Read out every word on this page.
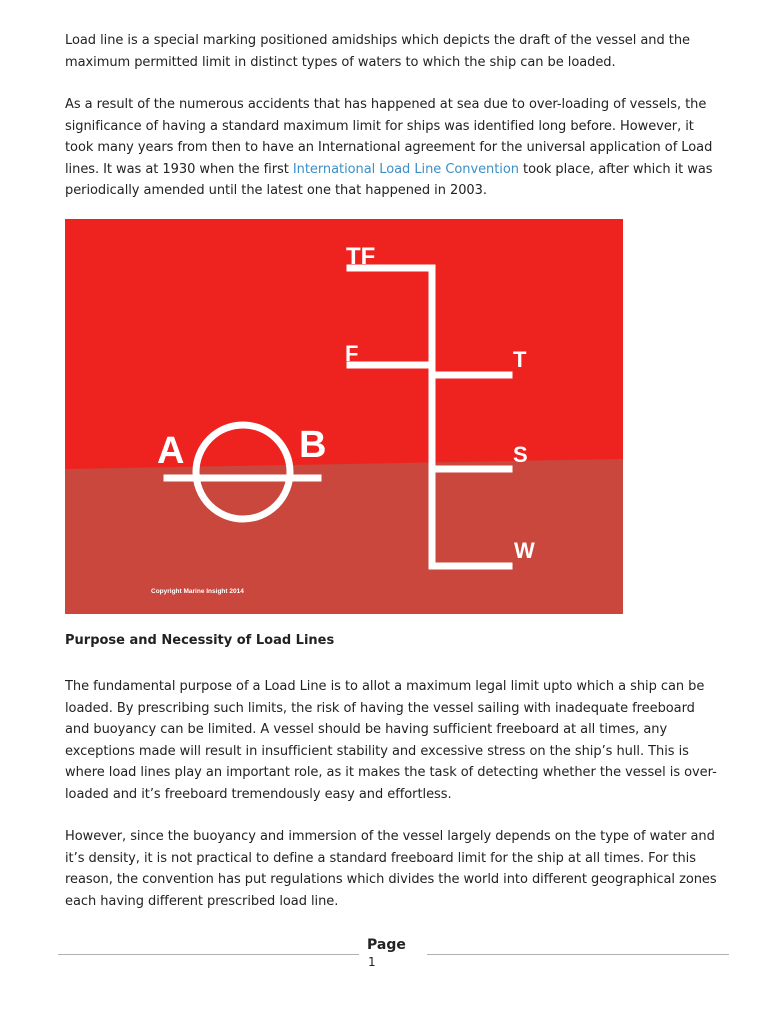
Load line is a special marking positioned amidships which depicts the draft of the vessel and the maximum permitted limit in distinct types of waters to which the ship can be loaded.

As a result of the numerous accidents that has happened at sea due to over-loading of vessels, the significance of having a standard maximum limit for ships was identified long before. However, it took many years from then to have an International agreement for the universal application of Load lines. It was at 1930 when the first International Load Line Convention took place, after which it was periodically amended until the latest one that happened in 2003.

TF
F	T
S
W
A	B
Copyright Marine Insight 2014

Purpose and Necessity of Load Lines

The fundamental purpose of a Load Line is to allot a maximum legal limit upto which a ship can be loaded. By prescribing such limits, the risk of having the vessel sailing with inadequate freeboard and buoyancy can be limited. A vessel should be having sufficient freeboard at all times, any exceptions made will result in insufficient stability and excessive stress on the ship’s hull. This is where load lines play an important role, as it makes the task of detecting whether the vessel is over-loaded and it’s freeboard tremendously easy and effortless.

However, since the buoyancy and immersion of the vessel largely depends on the type of water and it’s density, it is not practical to define a standard freeboard limit for the ship at all times. For this reason, the convention has put regulations which divides the world into different geographical zones each having different prescribed load line.

Page
1
